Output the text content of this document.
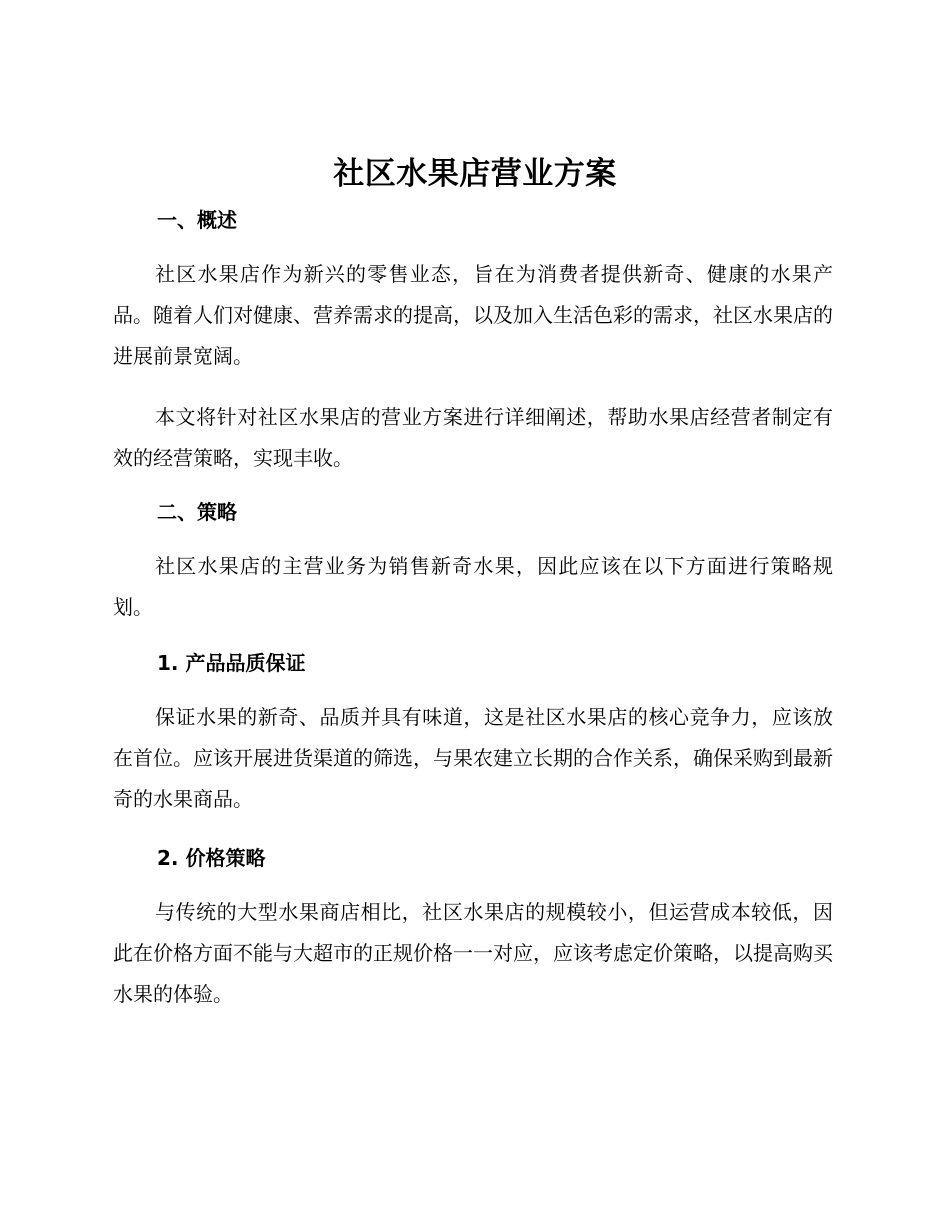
社区水果店营业方案
一、概述

社区水果店作为新兴的零售业态，旨在为消费者提供新奇、健康的水果产品。随着人们对健康、营养需求的提高，以及加入生活色彩的需求，社区水果店的进展前景宽阔。

本文将针对社区水果店的营业方案进行详细阐述，帮助水果店经营者制定有效的经营策略，实现丰收。

二、策略

社区水果店的主营业务为销售新奇水果，因此应该在以下方面进行策略规划。

1. 产品品质保证

保证水果的新奇、品质并具有味道，这是社区水果店的核心竞争力，应该放在首位。应该开展进货渠道的筛选，与果农建立长期的合作关系，确保采购到最新奇的水果商品。

2. 价格策略

与传统的大型水果商店相比，社区水果店的规模较小，但运营成本较低，因此在价格方面不能与大超市的正规价格一一对应，应该考虑定价策略，以提高购买水果的体验。
